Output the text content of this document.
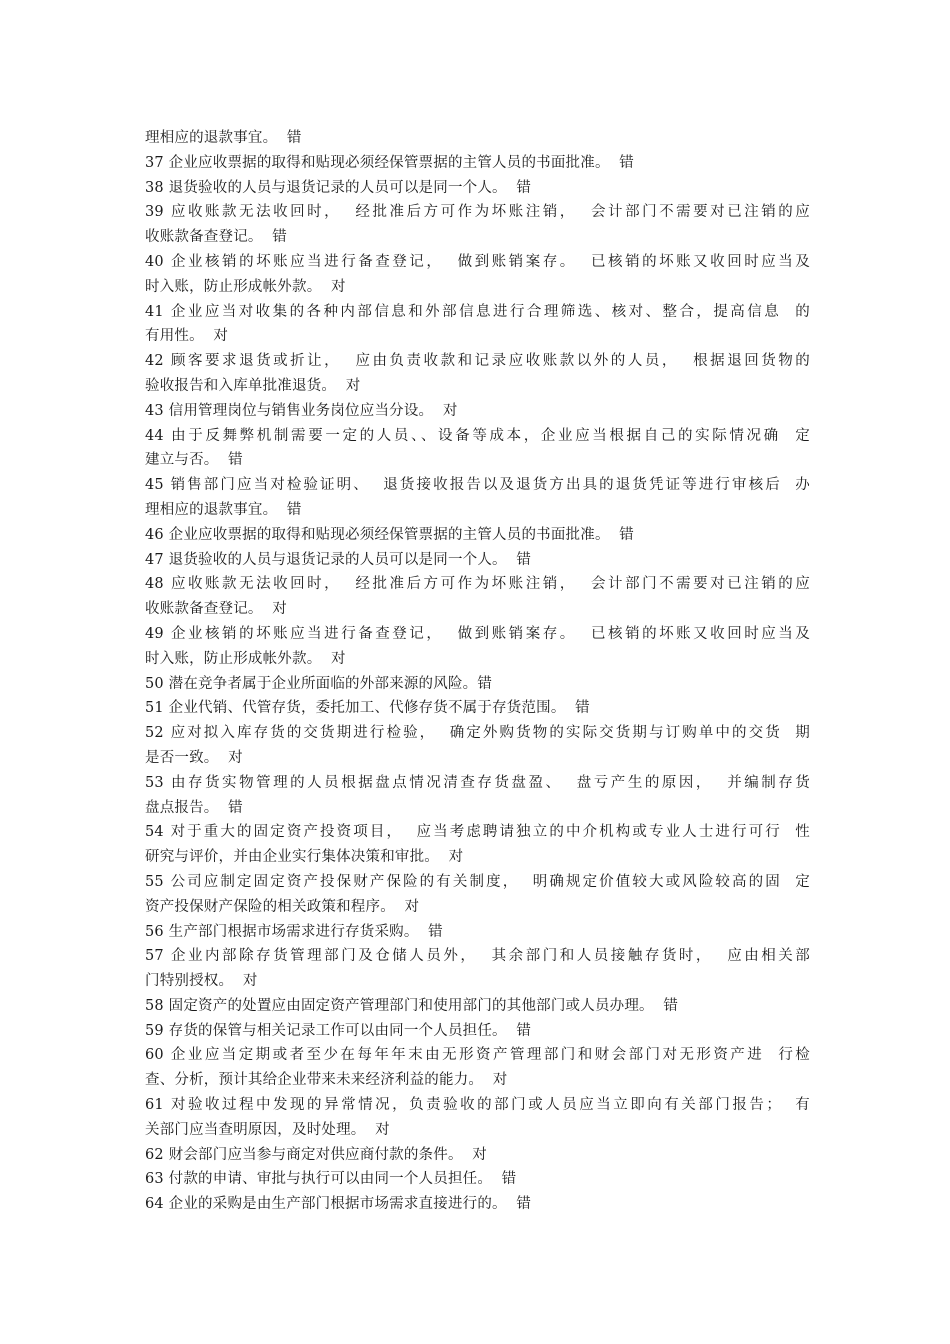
理相应的退款事宜。  错
37 企业应收票据的取得和贴现必须经保管票据的主管人员的书面批准。  错
38 退货验收的人员与退货记录的人员可以是同一个人。  错
39 应收账款无法收回时，  经批准后方可作为坏账注销，  会计部门不需要对已注销的应
收账款备查登记。  错
40 企业核销的坏账应当进行备查登记，  做到账销案存。  已核销的坏账又收回时应当及
时入账，防止形成帐外款。  对
41 企业应当对收集的各种内部信息和外部信息进行合理筛选、核对、整合，提高信息  的
有用性。  对
42 顾客要求退货或折让，  应由负责收款和记录应收账款以外的人员，  根据退回货物的
验收报告和入库单批准退货。  对
43 信用管理岗位与销售业务岗位应当分设。  对
44 由于反舞弊机制需要一定的人员、、设备等成本，企业应当根据自己的实际情况确  定
建立与否。  错
45 销售部门应当对检验证明、  退货接收报告以及退货方出具的退货凭证等进行审核后  办
理相应的退款事宜。  错
46 企业应收票据的取得和贴现必须经保管票据的主管人员的书面批准。  错
47 退货验收的人员与退货记录的人员可以是同一个人。  错
48 应收账款无法收回时，  经批准后方可作为坏账注销，  会计部门不需要对已注销的应
收账款备查登记。  对
49 企业核销的坏账应当进行备查登记，  做到账销案存。  已核销的坏账又收回时应当及
时入账，防止形成帐外款。  对
50 潜在竞争者属于企业所面临的外部来源的风险。错
51 企业代销、代管存货，委托加工、代修存货不属于存货范围。  错
52 应对拟入库存货的交货期进行检验，  确定外购货物的实际交货期与订购单中的交货  期
是否一致。  对
53 由存货实物管理的人员根据盘点情况清查存货盘盈、  盘亏产生的原因，  并编制存货
盘点报告。  错
54 对于重大的固定资产投资项目，  应当考虑聘请独立的中介机构或专业人士进行可行  性
研究与评价，并由企业实行集体决策和审批。  对
55 公司应制定固定资产投保财产保险的有关制度，  明确规定价值较大或风险较高的固  定
资产投保财产保险的相关政策和程序。  对
56 生产部门根据市场需求进行存货采购。  错
57 企业内部除存货管理部门及仓储人员外，  其余部门和人员接触存货时，  应由相关部
门特别授权。  对
58 固定资产的处置应由固定资产管理部门和使用部门的其他部门或人员办理。  错
59 存货的保管与相关记录工作可以由同一个人员担任。  错
60 企业应当定期或者至少在每年年末由无形资产管理部门和财会部门对无形资产进  行检
查、分析，预计其给企业带来未来经济利益的能力。  对
61 对验收过程中发现的异常情况，负责验收的部门或人员应当立即向有关部门报告；  有
关部门应当查明原因，及时处理。  对
62 财会部门应当参与商定对供应商付款的条件。  对
63 付款的申请、审批与执行可以由同一个人员担任。  错
64 企业的采购是由生产部门根据市场需求直接进行的。  错
